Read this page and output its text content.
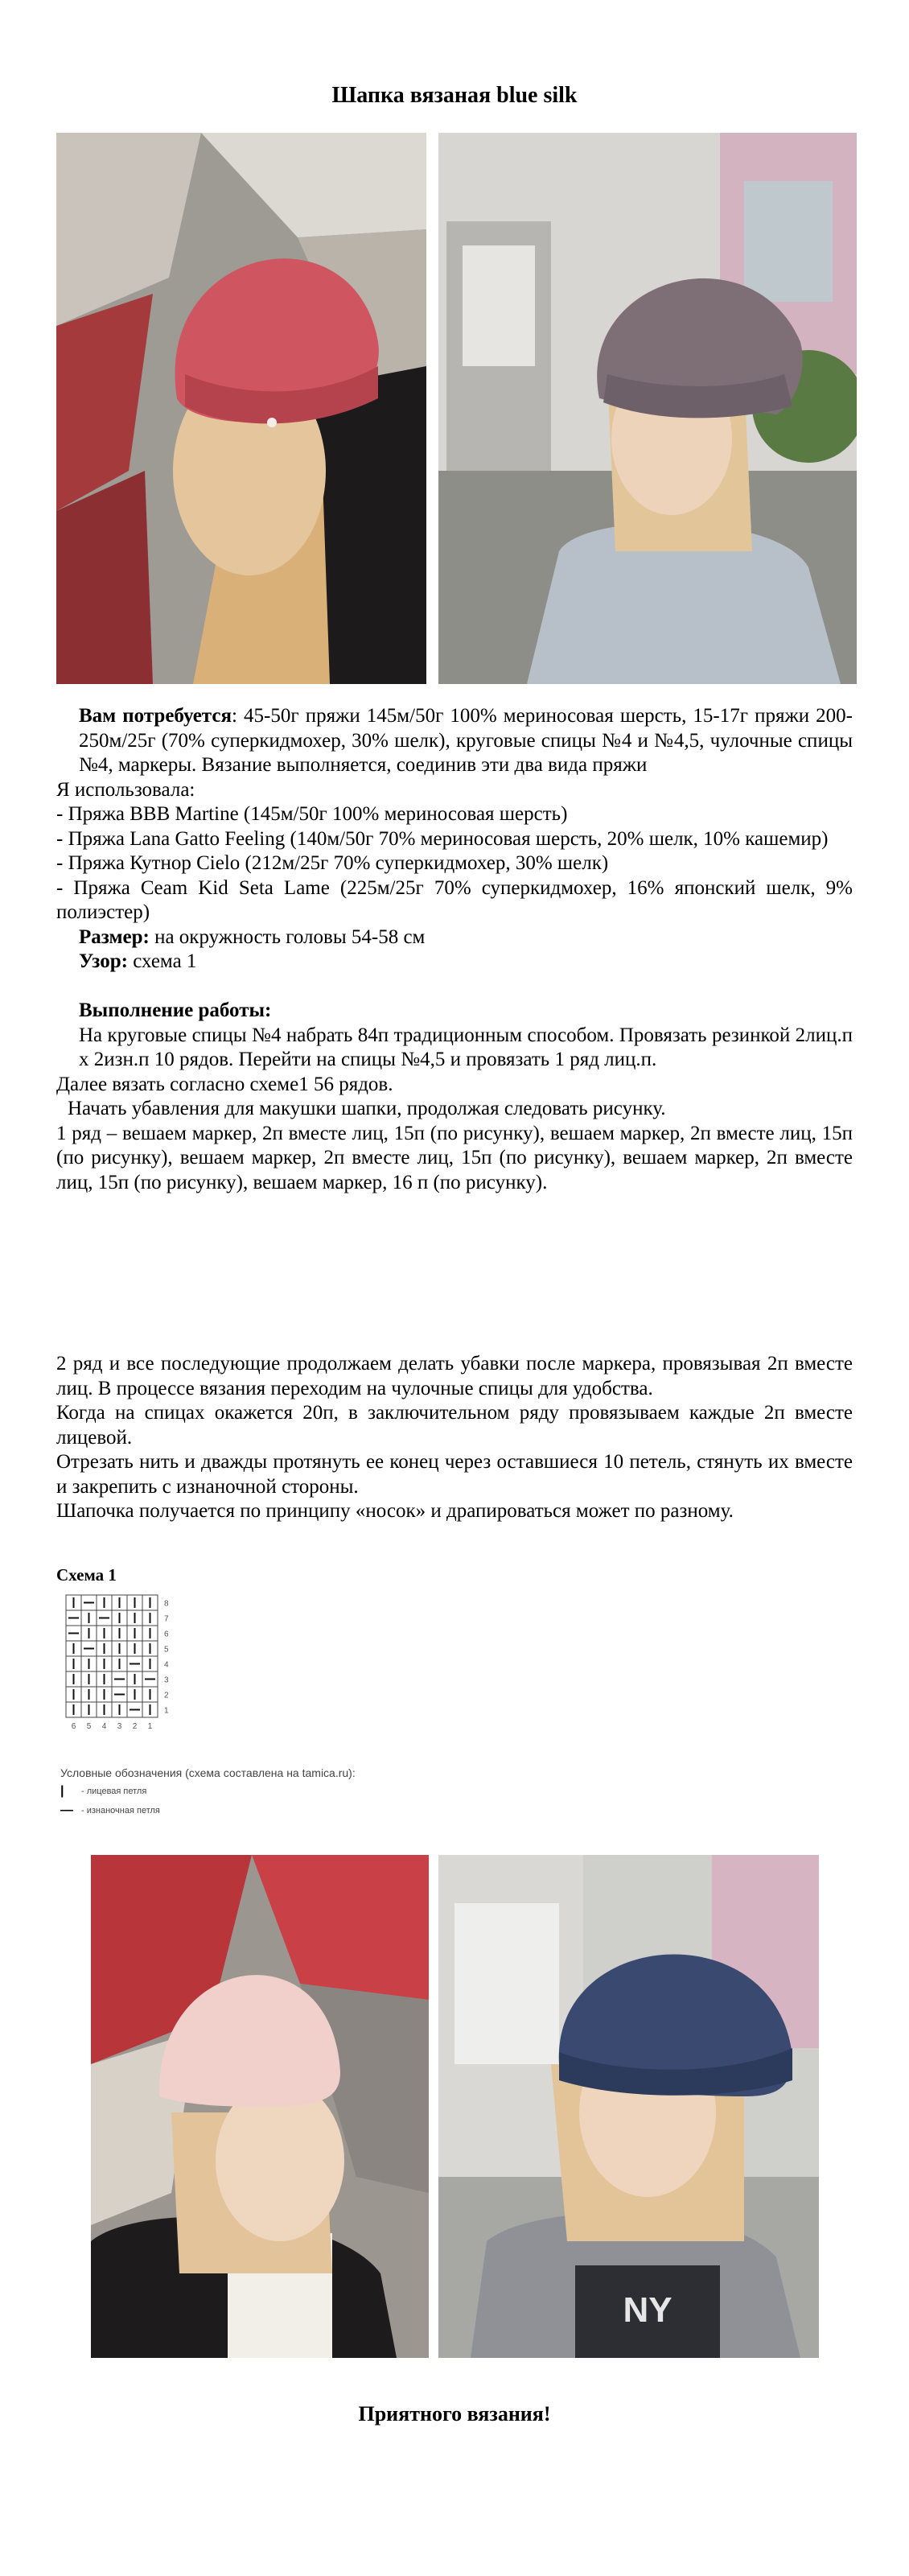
Шапка вязаная blue silk

Вам потребуется: 45-50г пряжи 145м/50г 100% мериносовая шерсть, 15-17г пряжи 200-250м/25г (70% суперкидмохер, 30% шелк), круговые спицы №4 и №4,5, чулочные спицы №4, маркеры. Вязание выполняется, соединив эти два вида пряжи

Я использовала:

- Пряжа BBB Martine (145м/50г 100% мериносовая шерсть)

- Пряжа Lana Gatto Feeling (140м/50г 70% мериносовая шерсть, 20% шелк, 10% кашемир)

- Пряжа Кутнор Cielo (212м/25г 70% суперкидмохер, 30% шелк)

- Пряжа Ceam Kid Seta Lame (225м/25г 70% суперкидмохер, 16% японский шелк, 9% полиэстер)

Размер: на окружность головы 54-58 см

Узор: схема 1

Выполнение работы:

На круговые спицы №4 набрать 84п традиционным способом. Провязать резинкой 2лиц.п х 2изн.п 10 рядов. Перейти на спицы №4,5 и провязать 1 ряд лиц.п.

Далее вязать согласно схеме1 56 рядов.

Начать убавления для макушки шапки, продолжая следовать рисунку.

1 ряд – вешаем маркер, 2п вместе лиц, 15п (по рисунку), вешаем маркер, 2п вместе лиц, 15п (по рисунку), вешаем маркер, 2п вместе лиц, 15п (по рисунку), вешаем маркер, 2п вместе лиц, 15п (по рисунку), вешаем маркер, 16 п (по рисунку).

2 ряд и все последующие продолжаем делать убавки после маркера, провязывая 2п вместе лиц. В процессе вязания переходим на чулочные спицы для удобства.

Когда на спицах окажется 20п, в заключительном ряду провязываем каждые 2п вместе лицевой.

Отрезать нить и дважды протянуть ее конец через оставшиеся 10 петель, стянуть их вместе и закрепить с изнаночной стороны.

Шапочка получается по принципу «носок» и драпироваться может по разному.

Схема 1
8
7
6
5
4
3
2
1
6 5 4 3 2 1
Условные обозначения (схема составлена на tamica.ru):
|	- лицевая петля
— - изнаночная петля
NY
Приятного вязания!
